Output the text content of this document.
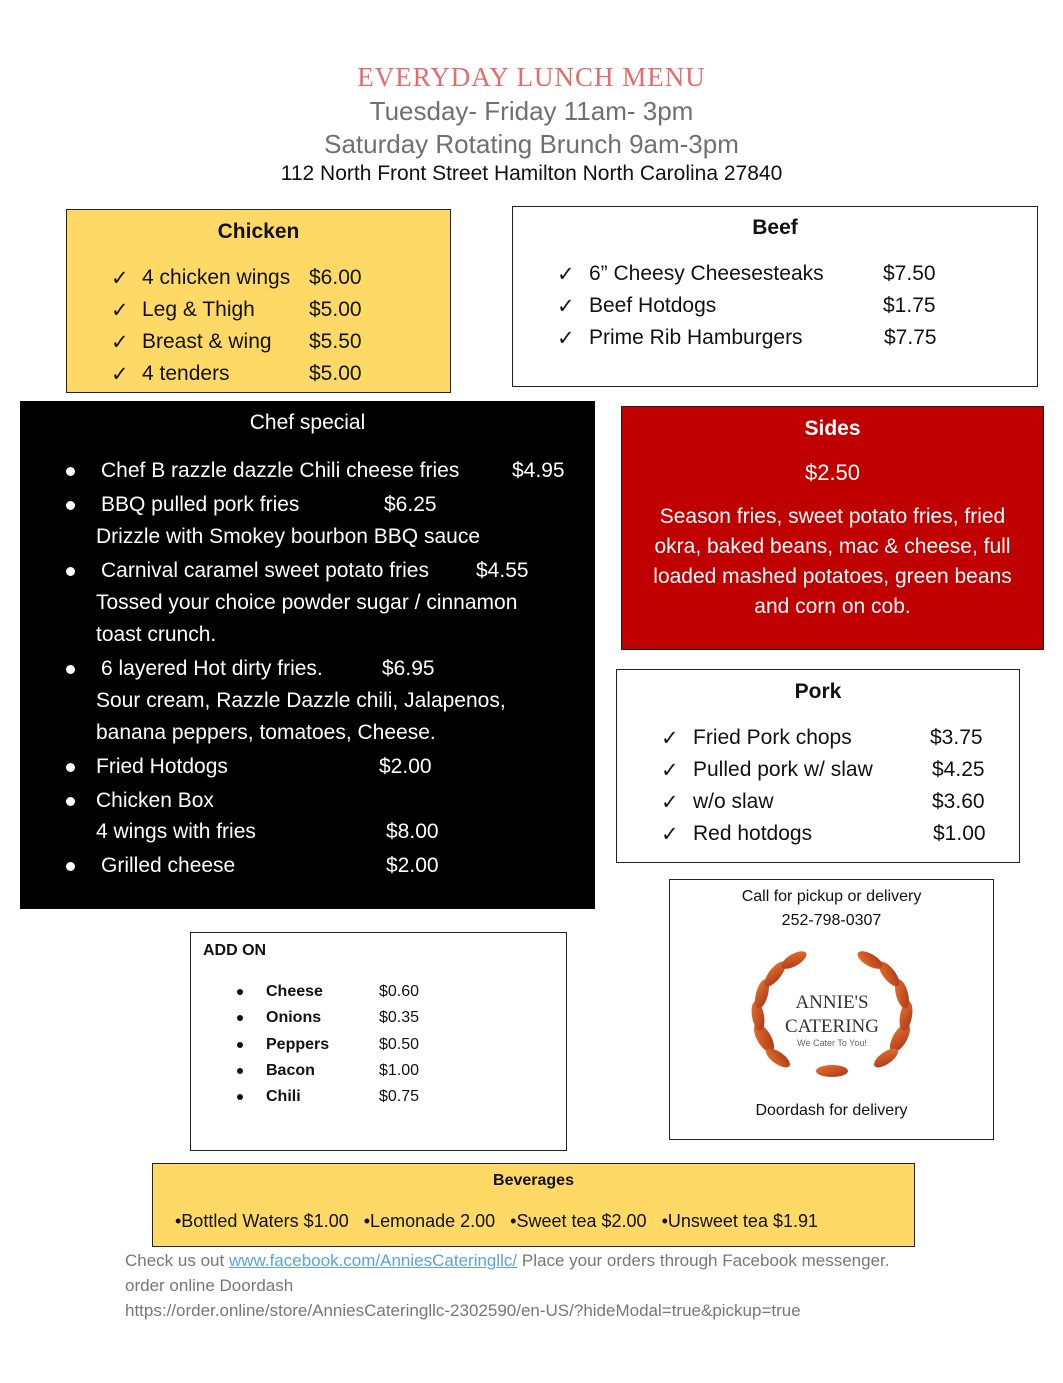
EVERYDAY LUNCH MENU
Tuesday- Friday 11am- 3pm
Saturday Rotating Brunch 9am-3pm
112 North Front Street Hamilton North Carolina 27840
Chicken
✓ 4 chicken wings $6.00
✓ Leg & Thigh	$5.00
✓ Breast & wing $5.50
✓ 4 tenders	$5.00
Beef
✓ 6” Cheesy Cheesesteaks	$7.50
✓ Beef Hotdogs	$1.75
✓ Prime Rib Hamburgers	$7.75
Chef special
Chef B razzle dazzle Chili cheese fries	$4.95
BBQ pulled pork fries	$6.25
Drizzle with Smokey bourbon BBQ sauce
Carnival caramel sweet potato fries $4.55
Tossed your choice powder sugar / cinnamon
toast crunch.
6 layered Hot dirty fries.	$6.95
Sour cream, Razzle Dazzle chili, Jalapenos,
banana peppers, tomatoes, Cheese.
Fried Hotdogs	$2.00
Chicken Box
4 wings with fries	$8.00
Grilled cheese	$2.00
Sides
$2.50
Season fries, sweet potato fries, fried
okra, baked beans, mac & cheese, full
loaded mashed potatoes, green beans
and corn on cob.
Pork
✓ Fried Pork chops	$3.75
✓ Pulled pork w/ slaw	$4.25
✓ w/o slaw	$3.60
✓ Red hotdogs	$1.00
ADD ON
Cheese	$0.60
Onions	$0.35
Peppers	$0.50
Bacon	$1.00
Chili	$0.75
Call for pickup or delivery
252-798-0307
ANNIE'S
CATERING
We Cater To You!
Doordash for delivery
Beverages
•Bottled Waters $1.00 •Lemonade 2.00 •Sweet tea $2.00 •Unsweet tea $1.91
Check us out www.facebook.com/AnniesCateringllc/ Place your orders through Facebook messenger.
order online Doordash
https://order.online/store/AnniesCateringllc-2302590/en-US/?hideModal=true&pickup=true
